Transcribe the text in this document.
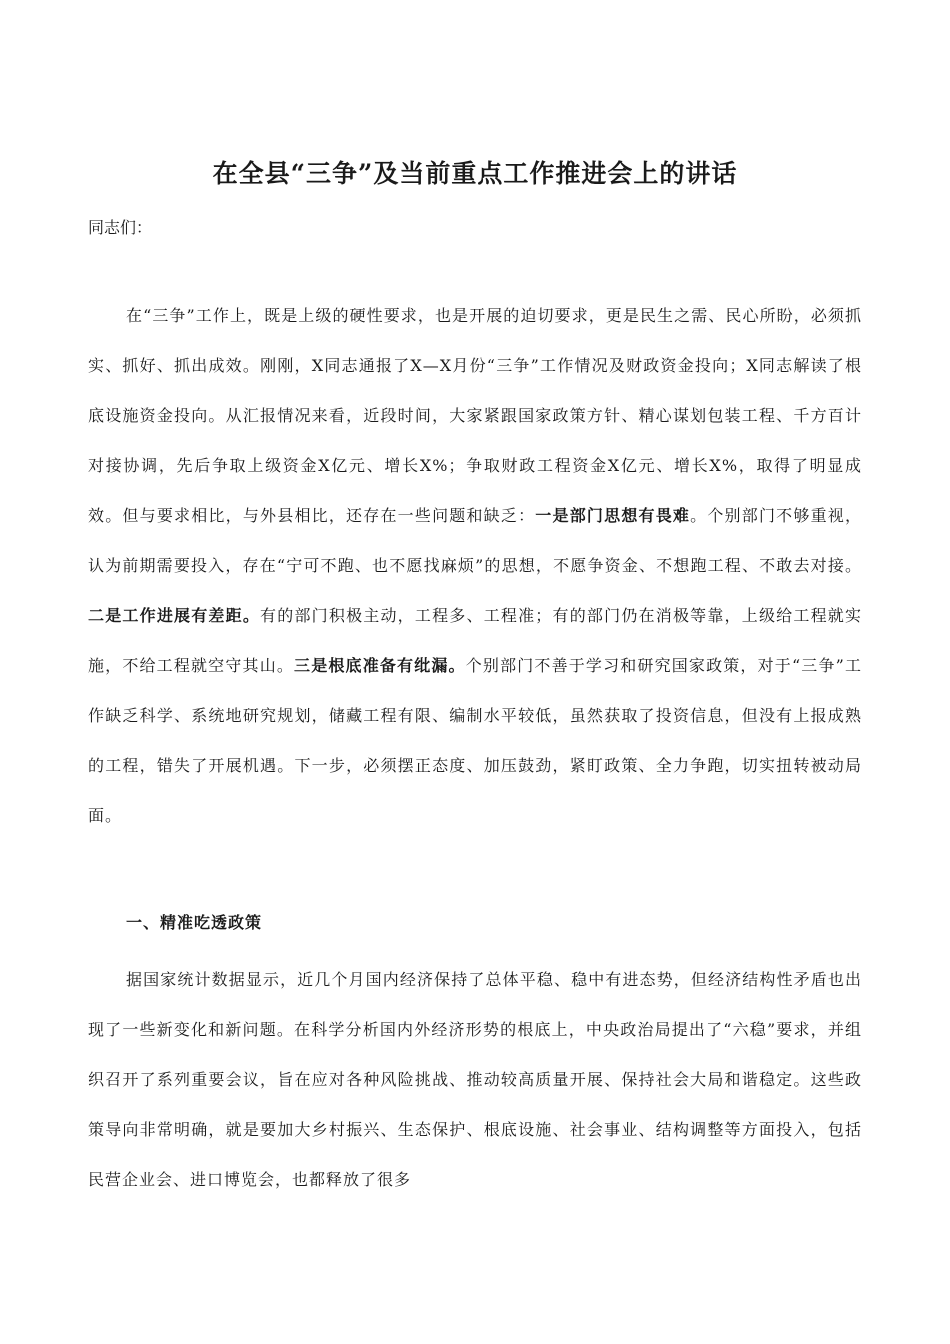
在全县“三争”及当前重点工作推进会上的讲话
同志们：
在“三争”工作上，既是上级的硬性要求，也是开展的迫切要求，更是民生之需、民心所盼，必须抓实、抓好、抓出成效。刚刚，X同志通报了X—X月份“三争”工作情况及财政资金投向；X同志解读了根底设施资金投向。从汇报情况来看，近段时间，大家紧跟国家政策方针、精心谋划包装工程、千方百计对接协调，先后争取上级资金X亿元、增长X%；争取财政工程资金X亿元、增长X%，取得了明显成效。但与要求相比，与外县相比，还存在一些问题和缺乏：一是部门思想有畏难。个别部门不够重视，认为前期需要投入，存在“宁可不跑、也不愿找麻烦”的思想，不愿争资金、不想跑工程、不敢去对接。二是工作进展有差距。有的部门积极主动，工程多、工程准；有的部门仍在消极等靠，上级给工程就实施，不给工程就空守其山。三是根底准备有纰漏。个别部门不善于学习和研究国家政策，对于“三争”工作缺乏科学、系统地研究规划，储藏工程有限、编制水平较低，虽然获取了投资信息，但没有上报成熟的工程，错失了开展机遇。下一步，必须摆正态度、加压鼓劲，紧盯政策、全力争跑，切实扭转被动局面。
一、精准吃透政策
据国家统计数据显示，近几个月国内经济保持了总体平稳、稳中有进态势，但经济结构性矛盾也出现了一些新变化和新问题。在科学分析国内外经济形势的根底上，中央政治局提出了“六稳”要求，并组织召开了系列重要会议，旨在应对各种风险挑战、推动较高质量开展、保持社会大局和谐稳定。这些政策导向非常明确，就是要加大乡村振兴、生态保护、根底设施、社会事业、结构调整等方面投入，包括民营企业会、进口博览会，也都释放了很多
